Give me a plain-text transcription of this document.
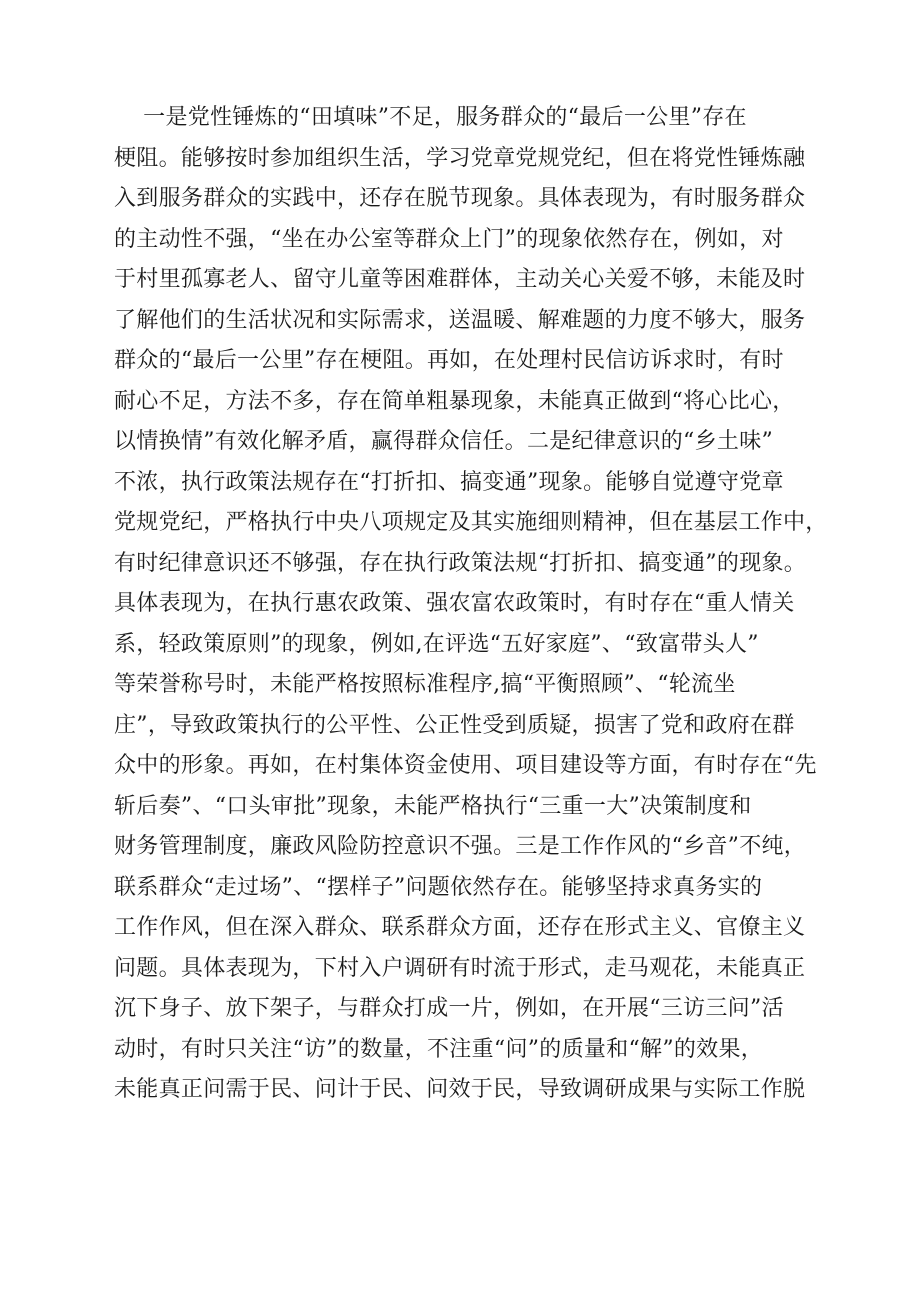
一是党性锤炼的“田填味”不足，服务群众的“最后一公里”存在
梗阻。能够按时参加组织生活，学习党章党规党纪，但在将党性锤炼融
入到服务群众的实践中，还存在脱节现象。具体表现为，有时服务群众
的主动性不强，“坐在办公室等群众上门”的现象依然存在，例如，对
于村里孤寡老人、留守儿童等困难群体，主动关心关爱不够，未能及时
了解他们的生活状况和实际需求，送温暖、解难题的力度不够大，服务
群众的“最后一公里”存在梗阻。再如，在处理村民信访诉求时，有时
耐心不足，方法不多，存在简单粗暴现象，未能真正做到“将心比心，
以情换情”有效化解矛盾，赢得群众信任。二是纪律意识的“乡土味”
不浓，执行政策法规存在“打折扣、搞变通”现象。能够自觉遵守党章
党规党纪，严格执行中央八项规定及其实施细则精神，但在基层工作中，
有时纪律意识还不够强，存在执行政策法规“打折扣、搞变通”的现象。
具体表现为，在执行惠农政策、强农富农政策时，有时存在“重人情关
系，轻政策原则”的现象，例如,在评选“五好家庭”、“致富带头人”
等荣誉称号时，未能严格按照标准程序,搞“平衡照顾”、“轮流坐
庄”，导致政策执行的公平性、公正性受到质疑，损害了党和政府在群
众中的形象。再如，在村集体资金使用、项目建设等方面，有时存在“先
斩后奏”、“口头审批”现象，未能严格执行“三重一大”决策制度和
财务管理制度，廉政风险防控意识不强。三是工作作风的“乡音”不纯，
联系群众“走过场”、“摆样子”问题依然存在。能够坚持求真务实的
工作作风，但在深入群众、联系群众方面，还存在形式主义、官僚主义
问题。具体表现为，下村入户调研有时流于形式，走马观花，未能真正
沉下身子、放下架子，与群众打成一片，例如，在开展“三访三问”活
动时，有时只关注“访”的数量，不注重“问”的质量和“解”的效果，
未能真正问需于民、问计于民、问效于民，导致调研成果与实际工作脱
